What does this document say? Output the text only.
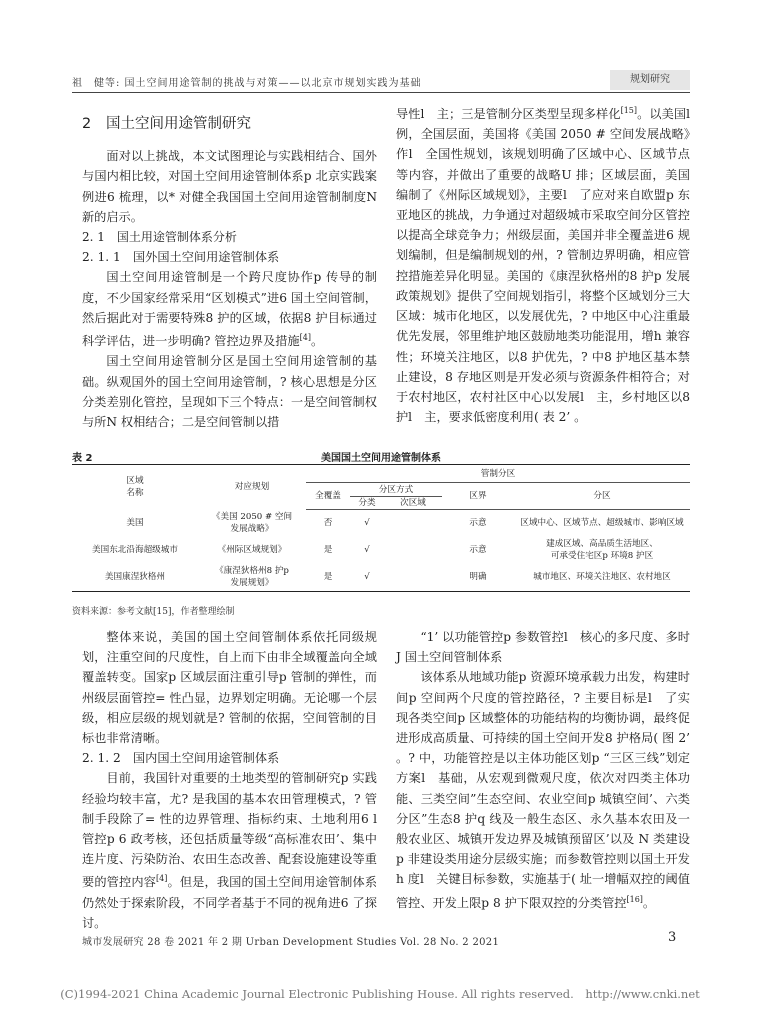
祖　健等: 国土空间用途管制的挑战与对策——以北京市规划实践为基础	规划研究
2 国土空间用途管制研究

面对以上挑战，本文试图理论与实践相结合、国外与国内相比较，对国土空间用途管制体系p 北京实践案例进6 梳理，以* 对健全我国国土空间用途管制制度N 新的启示。

2. 1　国土用途管制体系分析

2. 1. 1　国外国土空间用途管制体系

国土空间用途管制是一个跨尺度协作p 传导的制度，不少国家经常采用“区划模式”进6 国土空间管制，然后据此对于需要特殊8 护的区域，依据8 护目标通过科学评估，进一步明确? 管控边界及措施[4]。

国土空间用途管制分区是国土空间用途管制的基础。纵观国外的国土空间用途管制，? 核心思想是分区分类差别化管控，呈现如下三个特点：一是空间管制权与所N 权相结合；二是空间管制以措

导性l　主；三是管制分区类型呈现多样化[15]。以美国l　例，全国层面，美国将《美国 2050 # 空间发展战略》作l　全国性规划，该规划明确了区域中心、区域节点等内容，并做出了重要的战略U 排；区域层面，美国编制了《州际区域规划》，主要l　了应对来自欧盟p 东亚地区的挑战，力争通过对超级城市采取空间分区管控以提高全球竞争力；州级层面，美国并非全覆盖进6 规划编制，但是编制规划的州，? 管制边界明确，相应管控措施差异化明显。美国的《康涅狄格州的8 护p 发展政策规划》提供了空间规划指引，将整个区域划分三大区域：城市化地区，以发展优先，? 中地区中心注重最优先发展，邻里维护地区鼓励地类功能混用，增h 兼容性；环境关注地区，以8 护优先，? 中8 护地区基本禁止建设，8 存地区则是开发必须与资源条件相符合；对于农村地区，农村社区中心以发展l　主，乡村地区以8 护l　主，要求低密度利用( 表 2’ 。

表 2	美国国土空间用途管制体系
区域
名称	对应规划	管制分区				
		全覆盖	分区方式		区界	分区
			分类	次区域		
美国	《美国 2050 # 空间
发展战略》	否	√		示意	区域中心、区域节点、超级城市、影响区域
美国东北沿海超级城市	《州际区域规划》	是	√		示意	建成区域、高品质生活地区、
可承受住宅区p 环境8 护区
美国康涅狄格州	《康涅狄格州8 护p
发展规划》	是	√		明确	城市地区、环境关注地区、农村地区
资料来源：参考文献[15]，作者整理绘制

整体来说，美国的国土空间管制体系依托同级规划，注重空间的尺度性，自上而下由非全域覆盖向全域覆盖转变。国家p 区域层面注重引导p 管制的弹性，而州级层面管控= 性凸显，边界划定明确。无论哪一个层级，相应层级的规划就是? 管制的依据，空间管制的目标也非常清晰。

2. 1. 2　国内国土空间用途管制体系

目前，我国针对重要的土地类型的管制研究p 实践经验均较丰富，尤? 是我国的基本农田管理模式，? 管制手段除了= 性的边界管理、指标约束、土地利用6 l　管控p 6 政考核，还包括质量等级“高标准农田’、集中连片度、污染防治、农田生态改善、配套设施建设等重要的管控内容[4]。但是，我国的国土空间用途管制体系仍然处于探索阶段，不同学者基于不同的视角进6 了探讨。

“1’ 以功能管控p 参数管控l　核心的多尺度、多时J 国土空间管制体系

该体系从地域功能p 资源环境承载力出发，构建时间p 空间两个尺度的管控路径，? 主要目标是l　了实现各类空间p 区域整体的功能结构的均衡协调，最终促进形成高质量、可持续的国土空间开发8 护格局( 图 2’ 。? 中，功能管控是以主体功能区划p “三区三线”划定方案l　基础，从宏观到微观尺度，依次对四类主体功能、三类空间”生态空间、农业空间p 城镇空间’、六类分区”生态8 护q 线及一般生态区、永久基本农田及一般农业区、城镇开发边界及城镇预留区’以及 N 类建设p 非建设类用途分层级实施；而参数管控则以国土开发h 度l　关键目标参数，实施基于( 址一增幅双控的阈值管控、开发上限p 8 护下限双控的分类管控[16]。

城市发展研究 28 卷 2021 年 2 期 Urban Development Studies Vol. 28 No. 2 2021	3
(C)1994-2021 China Academic Journal Electronic Publishing House. All rights reserved.　http://www.cnki.net
